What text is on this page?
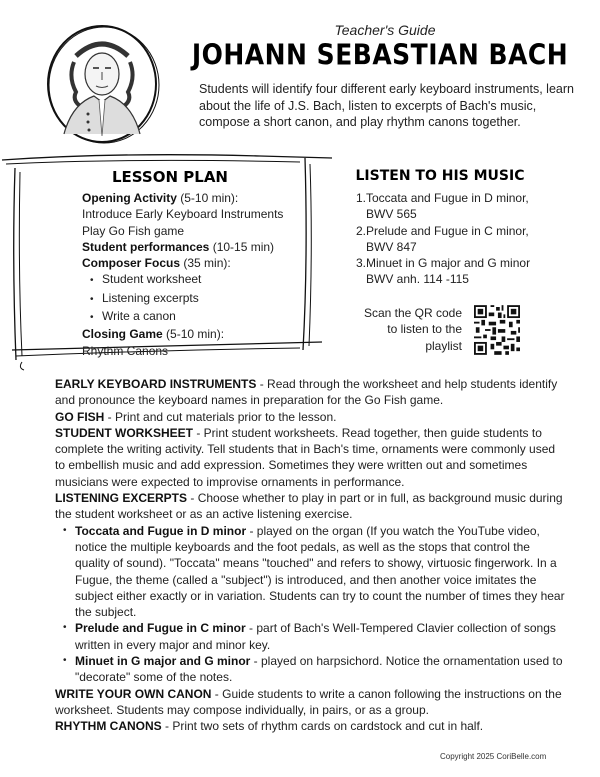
Teacher's Guide
JOHANN SEBASTIAN BACH
Students will identify four different early keyboard instruments, learn about the life of J.S. Bach, listen to excerpts of Bach's music, compose a short canon, and play rhythm canons together.
LESSON PLAN
Opening Activity (5-10 min):
Introduce Early Keyboard Instruments
Play Go Fish game
Student performances (10-15 min)
Composer Focus (35 min):
• Student worksheet
• Listening excerpts
• Write a canon
Closing Game (5-10 min):
Rhythm Canons
LISTEN TO HIS MUSIC
1. Toccata and Fugue in D minor, BWV 565
2. Prelude and Fugue in C minor, BWV 847
3. Minuet in G major and G minor BWV anh. 114 -115
Scan the QR code to listen to the playlist

EARLY KEYBOARD INSTRUMENTS - Read through the worksheet and help students identify and pronounce the keyboard names in preparation for the Go Fish game.

GO FISH - Print and cut materials prior to the lesson.

STUDENT WORKSHEET - Print student worksheets. Read together, then guide students to complete the writing activity. Tell students that in Bach's time, ornaments were commonly used to embellish music and add expression. Sometimes they were written out and sometimes musicians were expected to improvise ornaments in performance.

LISTENING EXCERPTS - Choose whether to play in part or in full, as background music during the student worksheet or as an active listening exercise.

• Toccata and Fugue in D minor - played on the organ (If you watch the YouTube video, notice the multiple keyboards and the foot pedals, as well as the stops that control the quality of sound). "Toccata" means "touched" and refers to showy, virtuosic fingerwork. In a Fugue, the theme (called a "subject") is introduced, and then another voice imitates the subject either exactly or in variation. Students can try to count the number of times they hear the subject.
• Prelude and Fugue in C minor - part of Bach's Well-Tempered Clavier collection of songs written in every major and minor key.
• Minuet in G major and G minor - played on harpsichord. Notice the ornamentation used to "decorate" some of the notes.

WRITE YOUR OWN CANON - Guide students to write a canon following the instructions on the worksheet. Students may compose individually, in pairs, or as a group.

RHYTHM CANONS - Print two sets of rhythm cards on cardstock and cut in half.

Copyright 2025 CoriBelle.com
